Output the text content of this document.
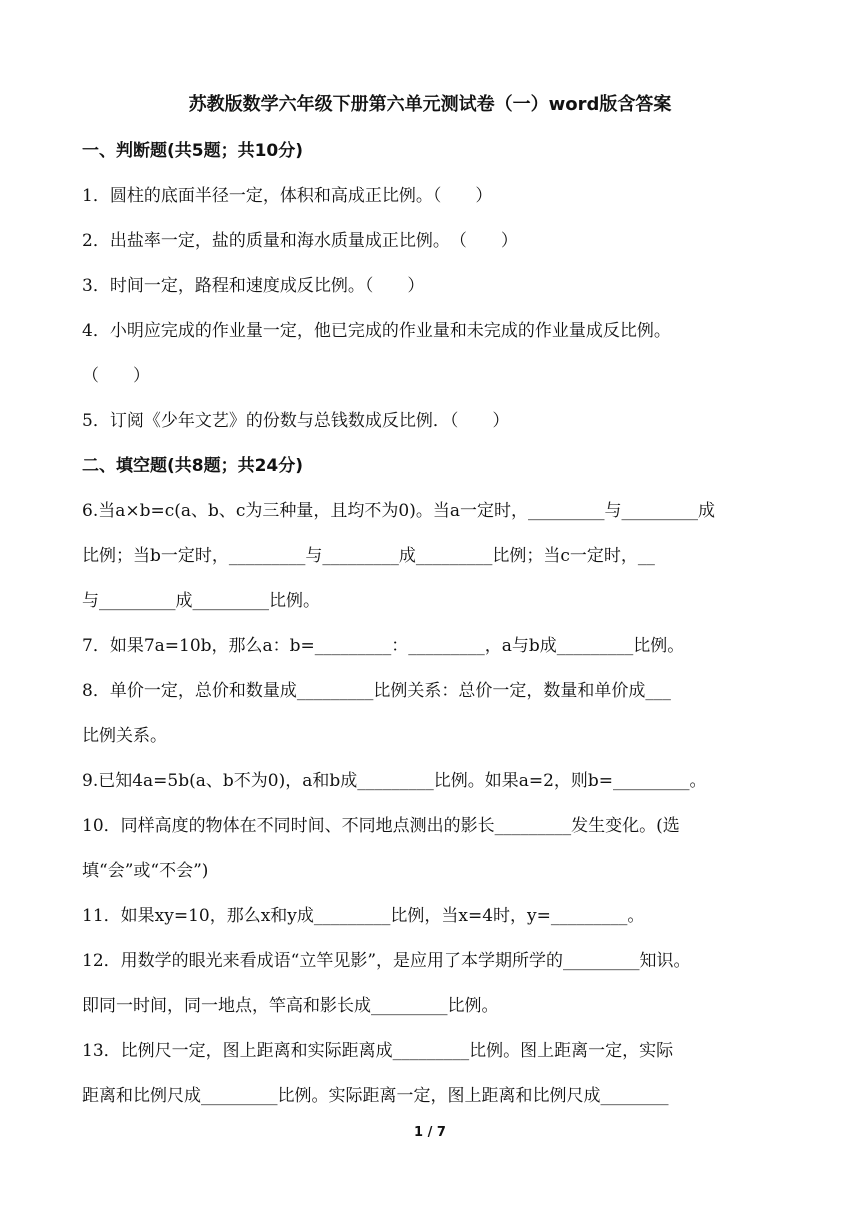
苏教版数学六年级下册第六单元测试卷（一）word版含答案
一、判断题(共5题；共10分)
1．圆柱的底面半径一定，体积和高成正比例。（　　）
2．出盐率一定，盐的质量和海水质量成正比例。　（　　）
3．时间一定，路程和速度成反比例。（　　）
4．小明应完成的作业量一定，他已完成的作业量和未完成的作业量成反比例。
（　　）
5．订阅《少年文艺》的份数与总钱数成反比例．（　　）
二、填空题(共8题；共24分)
6.当a×b=c(a、b、c为三种量，且均不为0)。当a一定时，_________与_________成
比例；当b一定时，_________与_________成_________比例；当c一定时，__
与_________成_________比例。
7．如果7a=10b，那么a：b=_________：_________，a与b成_________比例。
8．单价一定，总价和数量成_________比例关系：总价一定，数量和单价成___
比例关系。
9.已知4a=5b(a、b不为0)，a和b成_________比例。如果a=2，则b=_________。
10．同样高度的物体在不同时间、不同地点测出的影长_________发生变化。(选
填“会”或“不会”)
11．如果xy=10，那么x和y成_________比例，当x=4时，y=_________。
12．用数学的眼光来看成语“立竿见影”，是应用了本学期所学的_________知识。
即同一时间，同一地点，竿高和影长成_________比例。
13．比例尺一定，图上距离和实际距离成_________比例。图上距离一定，实际
距离和比例尺成_________比例。实际距离一定，图上距离和比例尺成________
1 / 7
